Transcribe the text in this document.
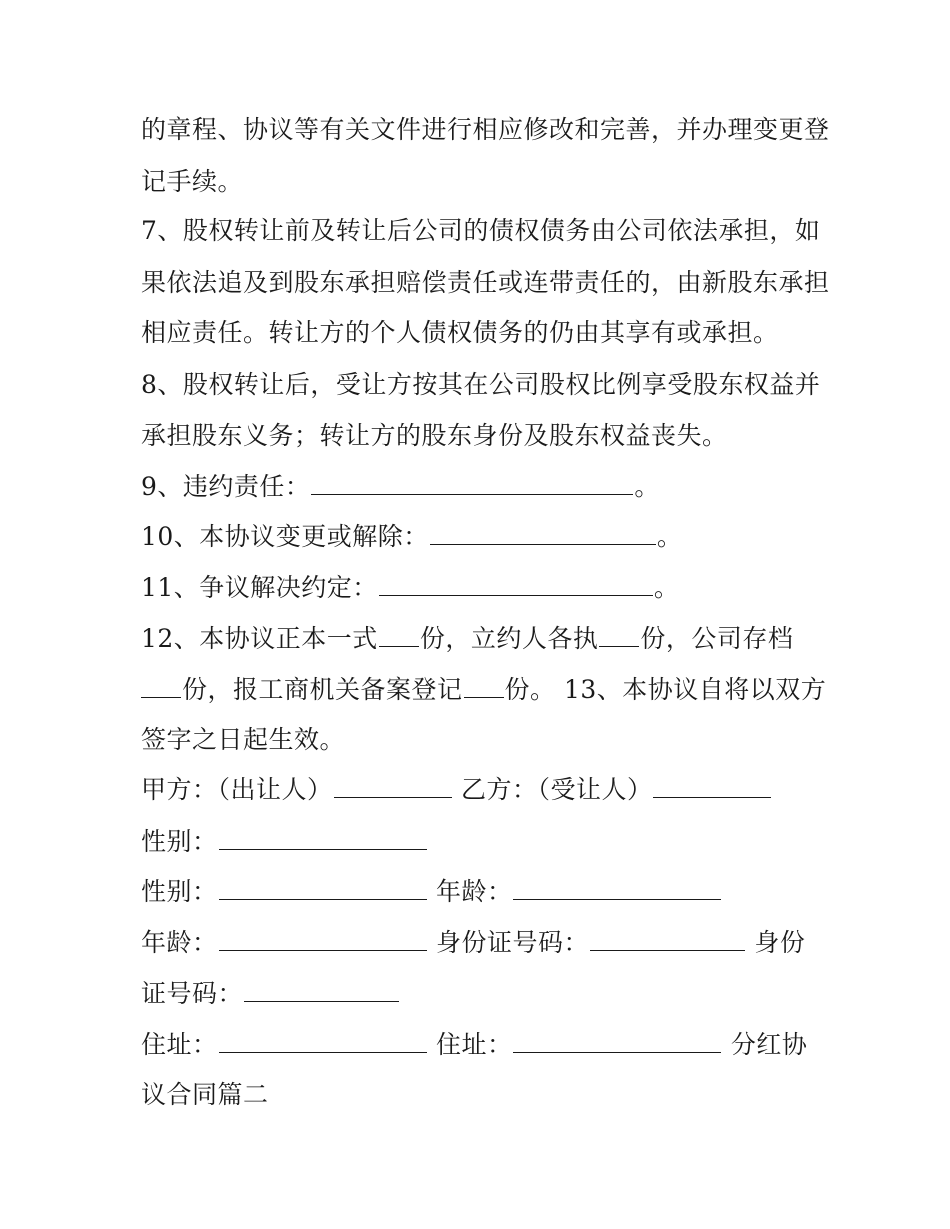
的章程、协议等有关文件进行相应修改和完善，并办理变更登
记手续。
7、股权转让前及转让后公司的债权债务由公司依法承担，如
果依法追及到股东承担赔偿责任或连带责任的，由新股东承担
相应责任。转让方的个人债权债务的仍由其享有或承担。
8、股权转让后，受让方按其在公司股权比例享受股东权益并
承担股东义务；转让方的股东身份及股东权益丧失。
9、违约责任：	。
10、本协议变更或解除：	。
11、争议解决约定：	。
12、本协议正本一式 份，立约人各执 份，公司存档
份，报工商机关备案登记 份。 13、本协议自将以双方
签字之日起生效。
甲方：（出让人）	乙方：（受让人）
性别：
性别：	年龄：
年龄：	身份证号码：	身份
证号码：
住址：	住址：	分红协
议合同篇二
